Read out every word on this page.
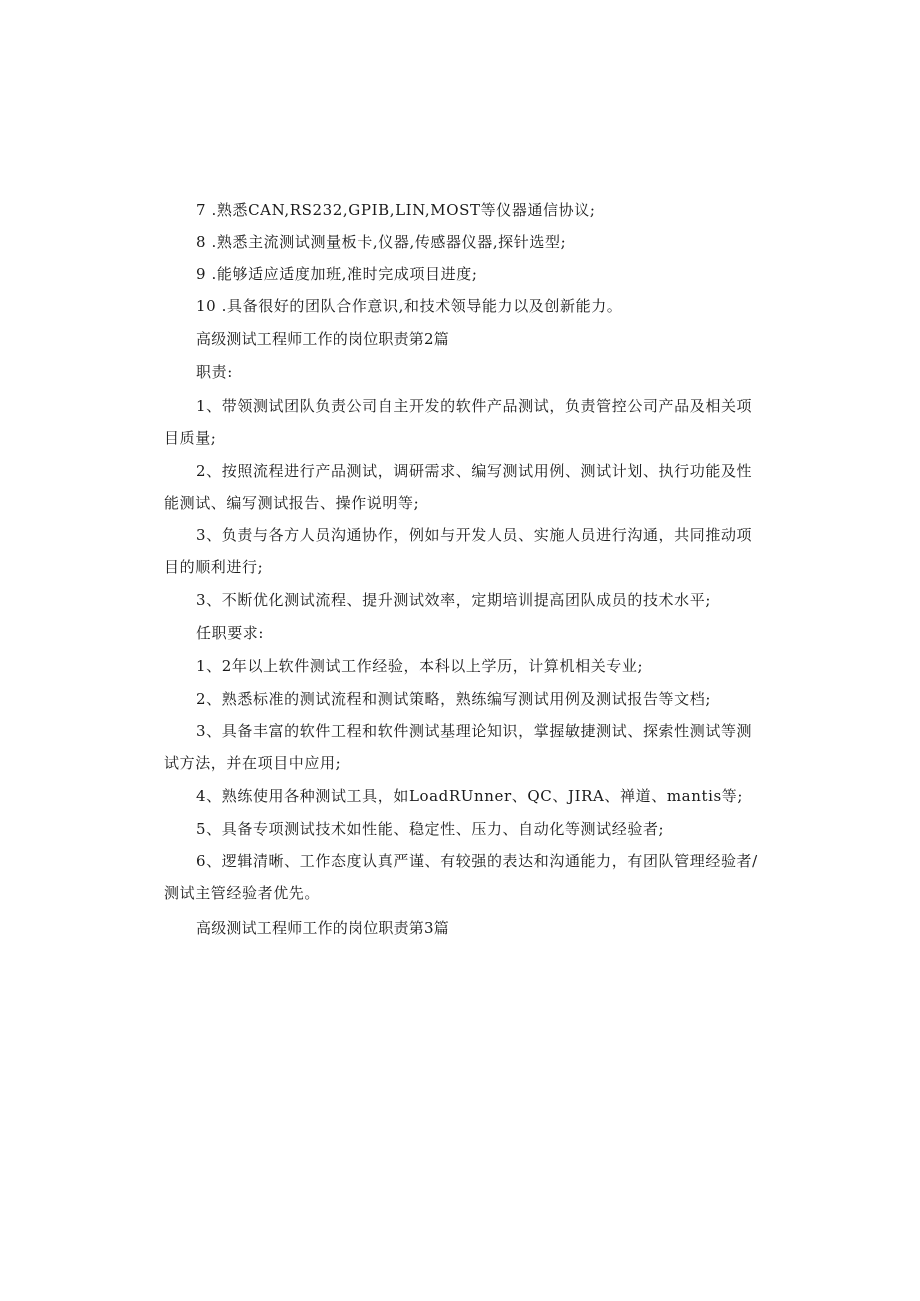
7 .熟悉CAN,RS232,GPIB,LIN,MOST等仪器通信协议;
8 .熟悉主流测试测量板卡,仪器,传感器仪器,探针选型;
9 .能够适应适度加班,准时完成项目进度;
10 .具备很好的团队合作意识,和技术领导能力以及创新能力。
高级测试工程师工作的岗位职责第2篇
职责:
1、带领测试团队负责公司自主开发的软件产品测试，负责管控公司产品及相关项
目质量;
2、按照流程进行产品测试，调研需求、编写测试用例、测试计划、执行功能及性
能测试、编写测试报告、操作说明等;
3、负责与各方人员沟通协作，例如与开发人员、实施人员进行沟通，共同推动项
目的顺利进行;
3、不断优化测试流程、提升测试效率，定期培训提高团队成员的技术水平;
任职要求:
1、2年以上软件测试工作经验，本科以上学历，计算机相关专业;
2、熟悉标准的测试流程和测试策略，熟练编写测试用例及测试报告等文档;
3、具备丰富的软件工程和软件测试基理论知识，掌握敏捷测试、探索性测试等测
试方法，并在项目中应用;
4、熟练使用各种测试工具，如LoadRUnner、QC、JIRA、禅道、mantis等;
5、具备专项测试技术如性能、稳定性、压力、自动化等测试经验者;
6、逻辑清晰、工作态度认真严谨、有较强的表达和沟通能力，有团队管理经验者/
测试主管经验者优先。
高级测试工程师工作的岗位职责第3篇
